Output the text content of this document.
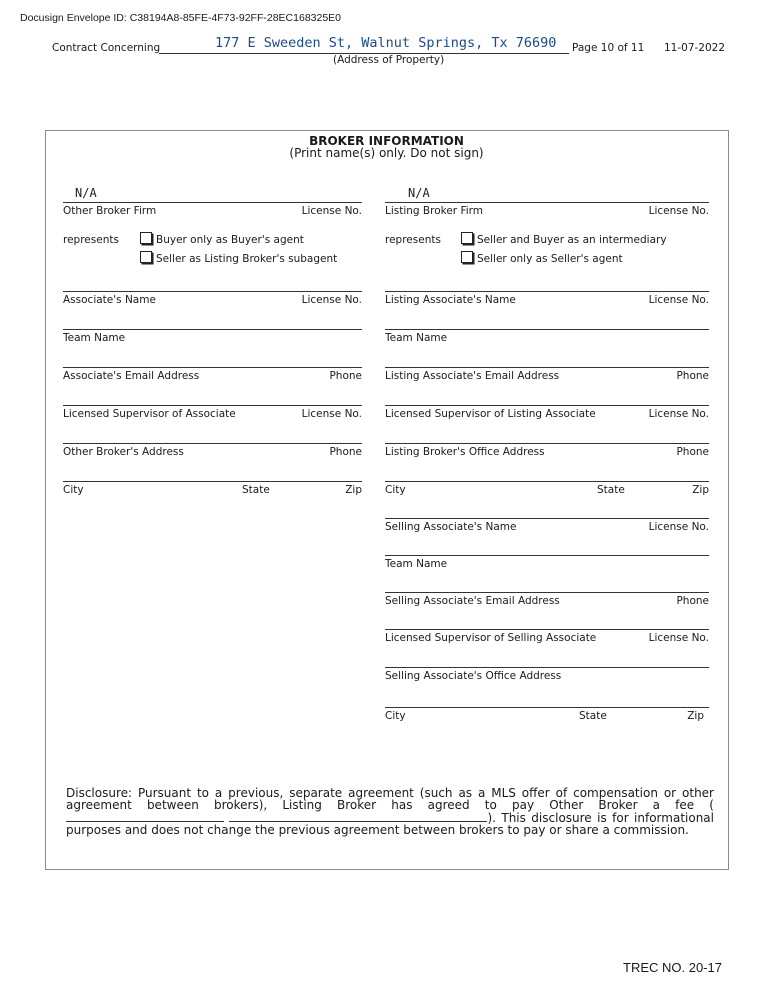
Docusign Envelope ID: C38194A8-85FE-4F73-92FF-28EC168325E0
Contract Concerning	177 E Sweeden St, Walnut Springs, Tx 76690
(Address of Property)
Page 10 of 11 11-07-2022
BROKER INFORMATION
(Print name(s) only. Do not sign)
N/A
Other Broker Firm	License No.
represents	Buyer only as Buyer's agent
Seller as Listing Broker's subagent
Associate's Name	License No.
Team Name
Associate's Email Address	Phone
Licensed Supervisor of Associate	License No.
Other Broker's Address	Phone
City	State	Zip
N/A
Listing Broker Firm	License No.
represents	Seller and Buyer as an intermediary
Seller only as Seller's agent
Listing Associate's Name	License No.
Team Name
Listing Associate's Email Address	Phone
Licensed Supervisor of Listing Associate	License No.
Listing Broker's Office Address	Phone
City	State	Zip
Selling Associate's Name	License No.
Team Name
Selling Associate's Email Address	Phone
Licensed Supervisor of Selling Associate	License No.
Selling Associate's Office Address
City	State	Zip
Disclosure: Pursuant to a previous, separate agreement (such as a MLS offer of compensation or other agreement between brokers), Listing Broker has agreed to pay Other Broker a fee ( ). This disclosure is for informational purposes and does not change the previous agreement between brokers to pay or share a commission.
TREC NO. 20-17
